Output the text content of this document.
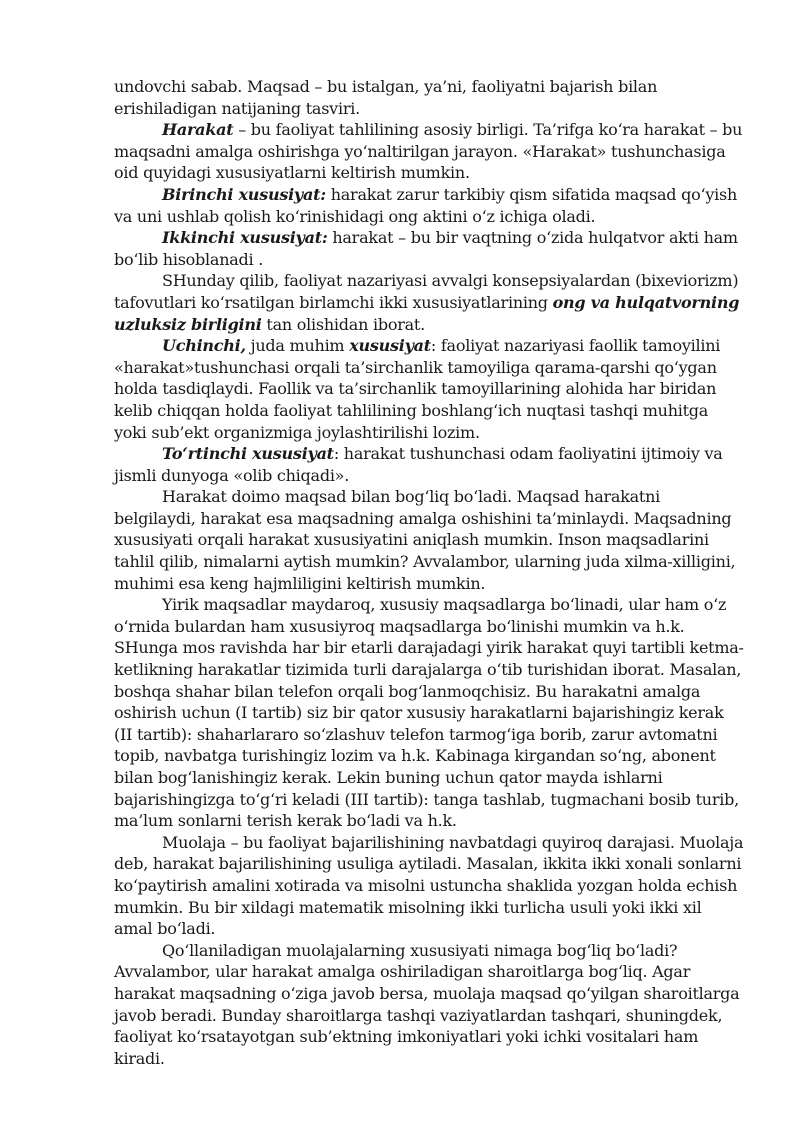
undovchi sabab. Maqsad – bu istalgan, ya’ni, faoliyatni bajarish bilan erishiladigan natijaning tasviri.

Harakat – bu faoliyat tahlilining asosiy birligi. Ta’rifga ko‘ra harakat – bu maqsadni amalga oshirishga yo‘naltirilgan jarayon. «Harakat» tushunchasiga oid quyidagi xususiyatlarni keltirish mumkin.

Birinchi xususiyat: harakat zarur tarkibiy qism sifatida maqsad qo‘yish va uni ushlab qolish ko‘rinishidagi ong aktini o‘z ichiga oladi.

Ikkinchi xususiyat: harakat – bu bir vaqtning o‘zida hulqatvor akti ham bo‘lib hisoblanadi .

SHunday qilib, faoliyat nazariyasi avvalgi konsepsiyalardan (bixeviorizm) tafovutlari ko‘rsatilgan birlamchi ikki xususiyatlarining ong va hulqatvorning uzluksiz birligini tan olishidan iborat.

Uchinchi, juda muhim xususiyat: faoliyat nazariyasi faollik tamoyilini «harakat»tushunchasi orqali ta’sirchanlik tamoyiliga qarama-qarshi qo‘ygan holda tasdiqlaydi. Faollik va ta’sirchanlik tamoyillarining alohida har biridan kelib chiqqan holda faoliyat tahlilining boshlang‘ich nuqtasi tashqi muhitga yoki sub’ekt organizmiga joylashtirilishi lozim.

To‘rtinchi xususiyat: harakat tushunchasi odam faoliyatini ijtimoiy va jismli dunyoga «olib chiqadi».

Harakat doimo maqsad bilan bog‘liq bo‘ladi. Maqsad harakatni belgilaydi, harakat esa maqsadning amalga oshishini ta’minlaydi. Maqsadning xususiyati orqali harakat xususiyatini aniqlash mumkin. Inson maqsadlarini tahlil qilib, nimalarni aytish mumkin? Avvalambor, ularning juda xilma-xilligini, muhimi esa keng hajmliligini keltirish mumkin.

Yirik maqsadlar maydaroq, xususiy maqsadlarga bo‘linadi, ular ham o‘z o‘rnida bulardan ham xususiyroq maqsadlarga bo‘linishi mumkin va h.k. SHunga mos ravishda har bir etarli darajadagi yirik harakat quyi tartibli ketma-ketlikning harakatlar tizimida turli darajalarga o‘tib turishidan iborat. Masalan, boshqa shahar bilan telefon orqali bog‘lanmoqchisiz. Bu harakatni amalga oshirish uchun (I tartib) siz bir qator xususiy harakatlarni bajarishingiz kerak (II tartib): shaharlararo so‘zlashuv telefon tarmog‘iga borib, zarur avtomatni topib, navbatga turishingiz lozim va h.k. Kabinaga kirgandan so‘ng, abonent bilan bog‘lanishingiz kerak. Lekin buning uchun qator mayda ishlarni bajarishingizga to‘g‘ri keladi (III tartib): tanga tashlab, tugmachani bosib turib, ma’lum sonlarni terish kerak bo‘ladi va h.k.

Muolaja – bu faoliyat bajarilishining navbatdagi quyiroq darajasi. Muolaja deb, harakat bajarilishining usuliga aytiladi. Masalan, ikkita ikki xonali sonlarni ko‘paytirish amalini xotirada va misolni ustuncha shaklida yozgan holda echish mumkin. Bu bir xildagi matematik misolning ikki turlicha usuli yoki ikki xil amal bo‘ladi.

Qo‘llaniladigan muolajalarning xususiyati nimaga bog‘liq bo‘ladi? Avvalambor, ular harakat amalga oshiriladigan sharoitlarga bog‘liq. Agar harakat maqsadning o‘ziga javob bersa, muolaja maqsad qo‘yilgan sharoitlarga javob beradi. Bunday sharoitlarga tashqi vaziyatlardan tashqari, shuningdek, faoliyat ko‘rsatayotgan sub’ektning imkoniyatlari yoki ichki vositalari ham kiradi.
